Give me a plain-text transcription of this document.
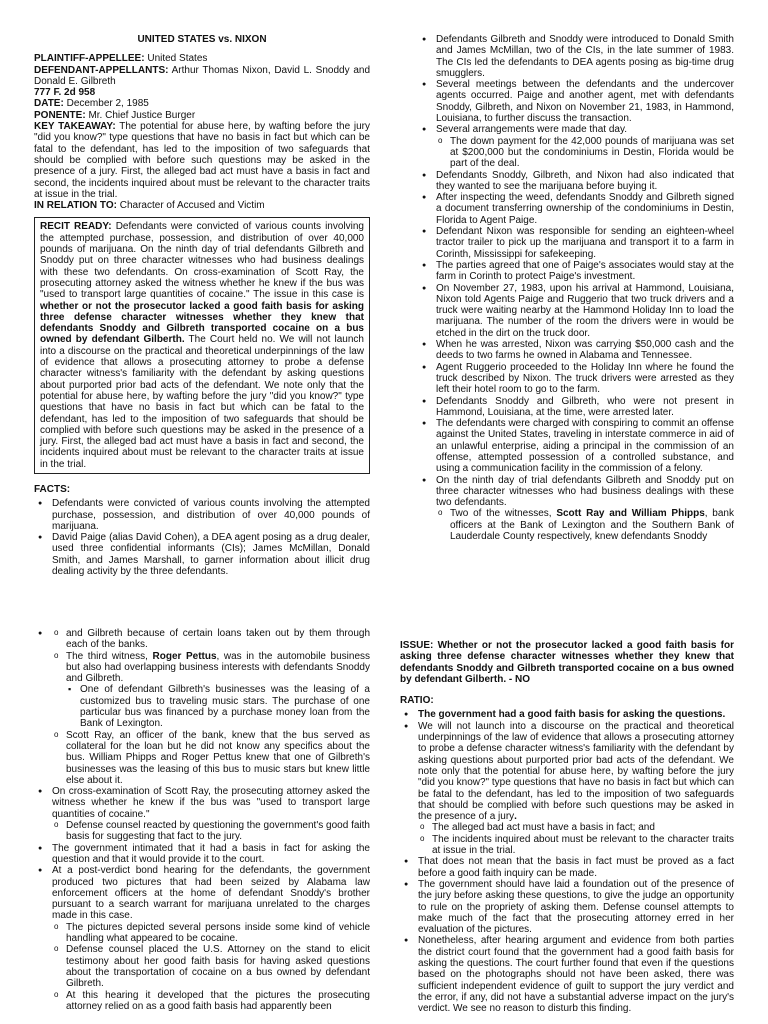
UNITED STATES vs. NIXON

PLAINTIFF-APPELLEE: United States

DEFENDANT-APPELLANTS: Arthur Thomas Nixon, David L. Snoddy and Donald E. Gilbreth

777 F. 2d 958

DATE: December 2, 1985

PONENTE: Mr. Chief Justice Burger

KEY TAKEAWAY: The potential for abuse here, by wafting before the jury "did you know?" type questions that have no basis in fact but which can be fatal to the defendant, has led to the imposition of two safeguards that should be complied with before such questions may be asked in the presence of a jury. First, the alleged bad act must have a basis in fact and second, the incidents inquired about must be relevant to the character traits at issue in the trial.

IN RELATION TO: Character of Accused and Victim

RECIT READY: Defendants were convicted of various counts involving the attempted purchase, possession, and distribution of over 40,000 pounds of marijuana. On the ninth day of trial defendants Gilbreth and Snoddy put on three character witnesses who had business dealings with these two defendants. On cross-examination of Scott Ray, the prosecuting attorney asked the witness whether he knew if the bus was "used to transport large quantities of cocaine." The issue in this case is whether or not the prosecutor lacked a good faith basis for asking three defense character witnesses whether they knew that defendants Snoddy and Gilbreth transported cocaine on a bus owned by defendant Gilberth. The Court held no. We will not launch into a discourse on the practical and theoretical underpinnings of the law of evidence that allows a prosecuting attorney to probe a defense character witness's familiarity with the defendant by asking questions about purported prior bad acts of the defendant. We note only that the potential for abuse here, by wafting before the jury "did you know?" type questions that have no basis in fact but which can be fatal to the defendant, has led to the imposition of two safeguards that should be complied with before such questions may be asked in the presence of a jury. First, the alleged bad act must have a basis in fact and second, the incidents inquired about must be relevant to the character traits at issue in the trial.

FACTS:

● Defendants were convicted of various counts involving the attempted purchase, possession, and distribution of over 40,000 pounds of marijuana.
● David Paige (alias David Cohen), a DEA agent posing as a drug dealer, used three confidential informants (CIs); James McMillan, Donald Smith, and James Marshall, to garner information about illicit drug dealing activity by the three defendants.
● Defendants Gilbreth and Snoddy were introduced to Donald Smith and James McMillan, two of the CIs, in the late summer of 1983. The CIs led the defendants to DEA agents posing as big-time drug smugglers.
● Several meetings between the defendants and the undercover agents occurred. Paige and another agent, met with defendants Snoddy, Gilbreth, and Nixon on November 21, 1983, in Hammond, Louisiana, to further discuss the transaction.
● Several arrangements were made that day.
o The down payment for the 42,000 pounds of marijuana was set at $200,000 but the condominiums in Destin, Florida would be part of the deal.
● Defendants Snoddy, Gilbreth, and Nixon had also indicated that they wanted to see the marijuana before buying it.
● After inspecting the weed, defendants Snoddy and Gilbreth signed a document transferring ownership of the condominiums in Destin, Florida to Agent Paige.
● Defendant Nixon was responsible for sending an eighteen-wheel tractor trailer to pick up the marijuana and transport it to a farm in Corinth, Mississippi for safekeeping.
● The parties agreed that one of Paige's associates would stay at the farm in Corinth to protect Paige's investment.
● On November 27, 1983, upon his arrival at Hammond, Louisiana, Nixon told Agents Paige and Ruggerio that two truck drivers and a truck were waiting nearby at the Hammond Holiday Inn to load the marijuana. The number of the room the drivers were in would be etched in the dirt on the truck door.
● When he was arrested, Nixon was carrying $50,000 cash and the deeds to two farms he owned in Alabama and Tennessee.
● Agent Ruggerio proceeded to the Holiday Inn where he found the truck described by Nixon. The truck drivers were arrested as they left their hotel room to go to the farm.
● Defendants Snoddy and Gilbreth, who were not present in Hammond, Louisiana, at the time, were arrested later.
● The defendants were charged with conspiring to commit an offense against the United States, traveling in interstate commerce in aid of an unlawful enterprise, aiding a principal in the commission of an offense, attempted possession of a controlled substance, and using a communication facility in the commission of a felony.
● On the ninth day of trial defendants Gilbreth and Snoddy put on three character witnesses who had business dealings with these two defendants.
o Two of the witnesses, Scott Ray and William Phipps, bank officers at the Bank of Lexington and the Southern Bank of Lauderdale County respectively, knew defendants Snoddy
o ● and Gilbreth because of certain loans taken out by them through each of the banks.
o The third witness, Roger Pettus, was in the automobile business but also had overlapping business interests with defendants Snoddy and Gilbreth.
▪ One of defendant Gilbreth's businesses was the leasing of a customized bus to traveling music stars. The purchase of one particular bus was financed by a purchase money loan from the Bank of Lexington.
o Scott Ray, an officer of the bank, knew that the bus served as collateral for the loan but he did not know any specifics about the bus. William Phipps and Roger Pettus knew that one of Gilbreth's businesses was the leasing of this bus to music stars but knew little else about it.
● On cross-examination of Scott Ray, the prosecuting attorney asked the witness whether he knew if the bus was "used to transport large quantities of cocaine."
o Defense counsel reacted by questioning the government's good faith basis for suggesting that fact to the jury.
● The government intimated that it had a basis in fact for asking the question and that it would provide it to the court.
● At a post-verdict bond hearing for the defendants, the government produced two pictures that had been seized by Alabama law enforcement officers at the home of defendant Snoddy's brother pursuant to a search warrant for marijuana unrelated to the charges made in this case.
o The pictures depicted several persons inside some kind of vehicle handling what appeared to be cocaine.
o Defense counsel placed the U.S. Attorney on the stand to elicit testimony about her good faith basis for having asked questions about the transportation of cocaine on a bus owned by defendant Gilbreth.
o At this hearing it developed that the pictures the prosecuting attorney relied on as a good faith basis had apparently been

ISSUE: Whether or not the prosecutor lacked a good faith basis for asking three defense character witnesses whether they knew that defendants Snoddy and Gilbreth transported cocaine on a bus owned by defendant Gilberth. - NO

RATIO:

● The government had a good faith basis for asking the questions.
● We will not launch into a discourse on the practical and theoretical underpinnings of the law of evidence that allows a prosecuting attorney to probe a defense character witness's familiarity with the defendant by asking questions about purported prior bad acts of the defendant. We note only that the potential for abuse here, by wafting before the jury "did you know?" type questions that have no basis in fact but which can be fatal to the defendant, has led to the imposition of two safeguards that should be complied with before such questions may be asked in the presence of a jury.
o The alleged bad act must have a basis in fact; and
o The incidents inquired about must be relevant to the character traits at issue in the trial.
● That does not mean that the basis in fact must be proved as a fact before a good faith inquiry can be made.
● The government should have laid a foundation out of the presence of the jury before asking these questions, to give the judge an opportunity to rule on the propriety of asking them. Defense counsel attempts to make much of the fact that the prosecuting attorney erred in her evaluation of the pictures.
● Nonetheless, after hearing argument and evidence from both parties the district court found that the government had a good faith basis for asking the questions. The court further found that even if the questions based on the photographs should not have been asked, there was sufficient independent evidence of guilt to support the jury verdict and the error, if any, did not have a substantial adverse impact on the jury's verdict. We see no reason to disturb this finding.
